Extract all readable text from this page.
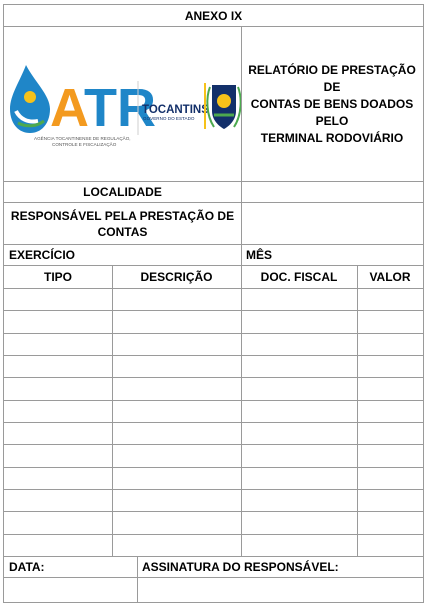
ANEXO IX
A
TR
AGÊNCIA TOCANTINENSE DE REGULAÇÃO,
CONTROLE E FISCALIZAÇÃO
TOCANTINS
GOVERNO DO ESTADO
RELATÓRIO DE PRESTAÇÃO DE
CONTAS DE BENS DOADOS PELO
TERMINAL RODOVIÁRIO
LOCALIDADE
RESPONSÁVEL PELA PRESTAÇÃO DE
CONTAS
EXERCÍCIO	MÊS
TIPO	DESCRIÇÃO	DOC. FISCAL	VALOR
DATA:	ASSINATURA DO RESPONSÁVEL:
